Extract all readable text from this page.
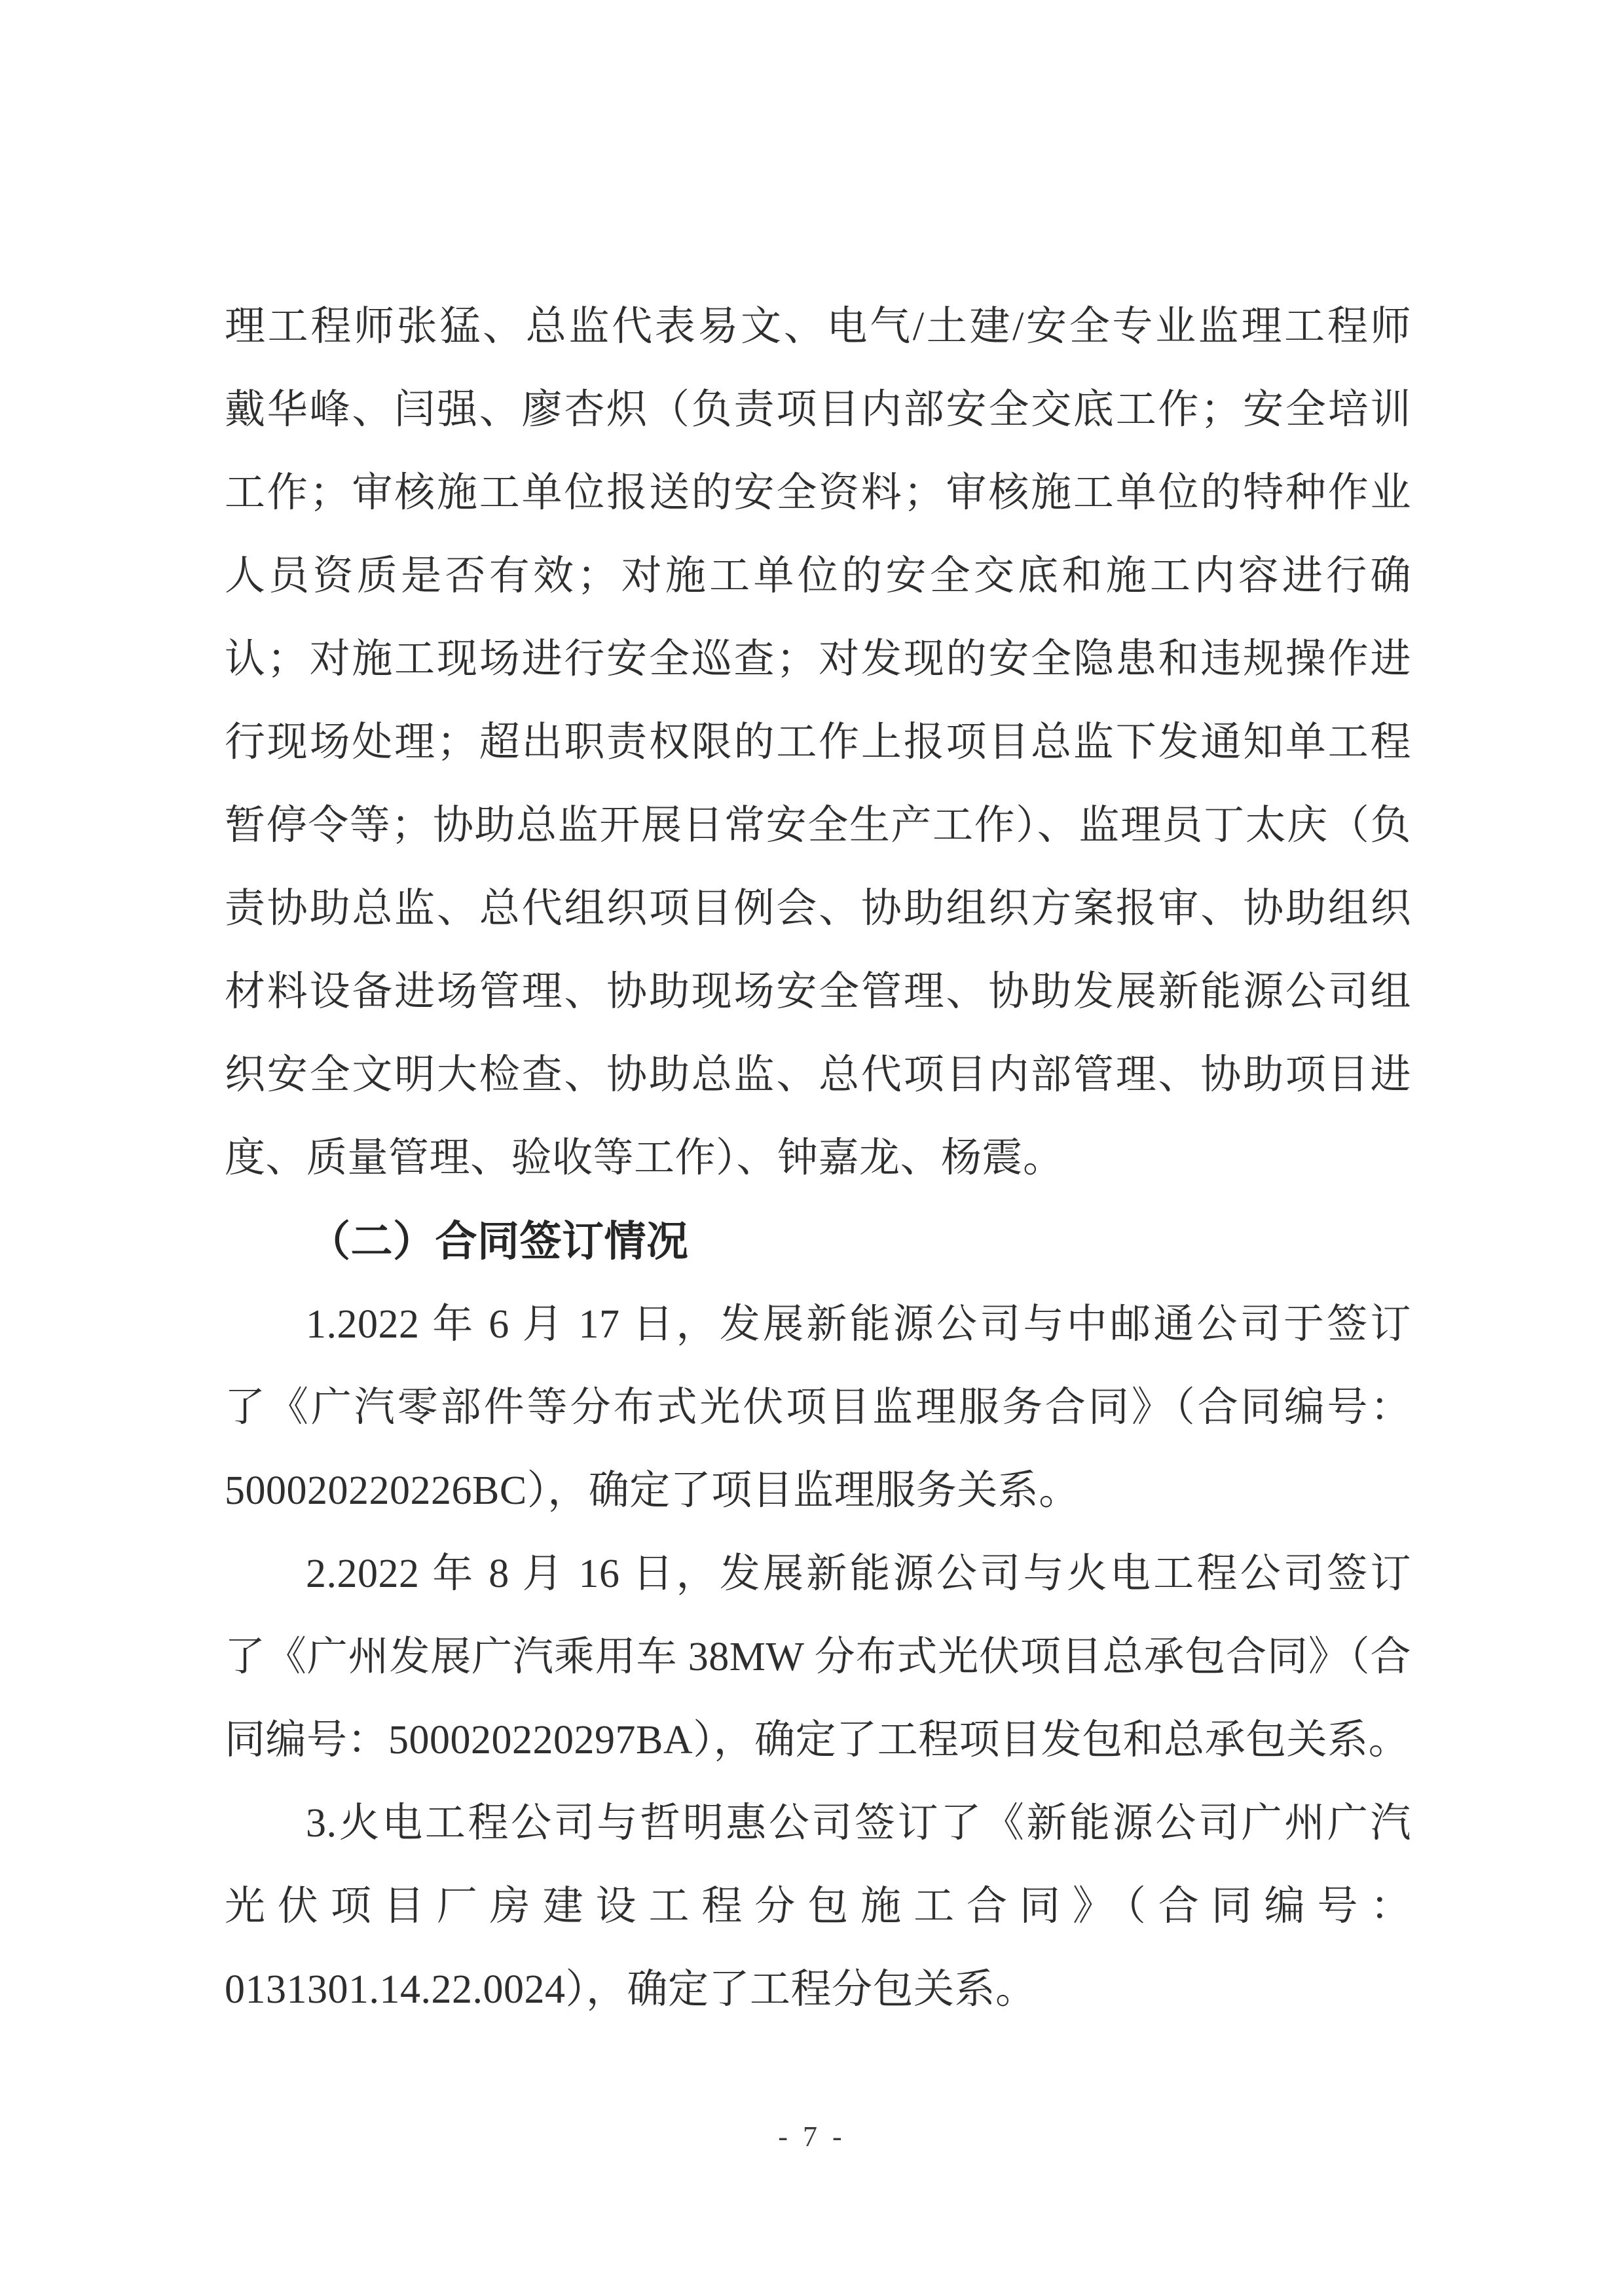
理工程师张猛、总监代表易文、电气/土建/安全专业监理工程师
戴华峰、闫强、廖杏炽（负责项目内部安全交底工作；安全培训
工作；审核施工单位报送的安全资料；审核施工单位的特种作业
人员资质是否有效；对施工单位的安全交底和施工内容进行确
认；对施工现场进行安全巡查；对发现的安全隐患和违规操作进
行现场处理；超出职责权限的工作上报项目总监下发通知单工程
暂停令等；协助总监开展日常安全生产工作）、监理员丁太庆（负
责协助总监、总代组织项目例会、协助组织方案报审、协助组织
材料设备进场管理、协助现场安全管理、协助发展新能源公司组
织安全文明大检查、协助总监、总代项目内部管理、协助项目进
度、质量管理、验收等工作）、钟嘉龙、杨震。
（二）合同签订情况
1.2022 年 6 月 17 日，发展新能源公司与中邮通公司于签订
了《广汽零部件等分布式光伏项目监理服务合同》（合同编号：
500020220226BC），确定了项目监理服务关系。
2.2022 年 8 月 16 日，发展新能源公司与火电工程公司签订
了《广州发展广汽乘用车 38MW 分布式光伏项目总承包合同》（合
同编号：500020220297BA），确定了工程项目发包和总承包关系。
3.火电工程公司与哲明惠公司签订了《新能源公司广州广汽
光伏项目厂房建设工程分包施工合同》（合同编号：
0131301.14.22.0024），确定了工程分包关系。
- 7 -
